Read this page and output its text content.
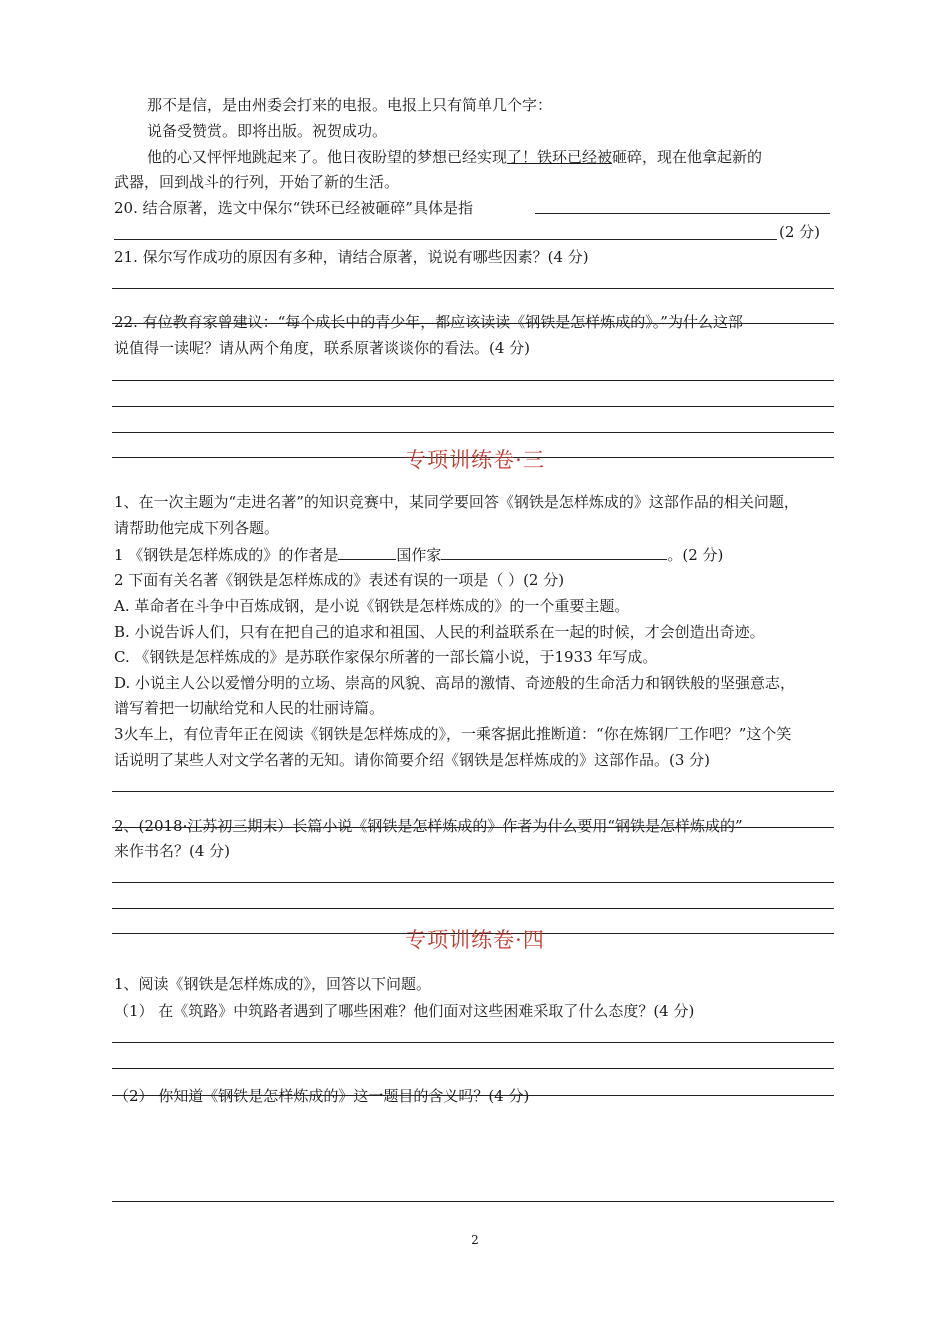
那不是信，是由州委会打来的电报。电报上只有简单几个字：
说备受赞赏。即将出版。祝贺成功。
他的心又怦怦地跳起来了。他日夜盼望的梦想已经实现了！铁环已经被砸碎，现在他拿起新的
武器，回到战斗的行列，开始了新的生活。
20. 结合原著，选文中保尔“铁环已经被砸碎”具体是指
(2 分)
21. 保尔写作成功的原因有多种，请结合原著，说说有哪些因素？(4 分)
22. 有位教育家曾建议：“每个成长中的青少年，都应该读读《钢铁是怎样炼成的》。”为什么这部
说值得一读呢？请从两个角度，联系原著谈谈你的看法。(4 分)
专项训练卷·三
1、在一次主题为“走进名著”的知识竞赛中，某同学要回答《钢铁是怎样炼成的》这部作品的相关问题，
请帮助他完成下列各题。
1 《钢铁是怎样炼成的》的作者是	国作家	。(2 分)
2 下面有关名著《钢铁是怎样炼成的》表述有误的一项是（ ）(2 分)
A. 革命者在斗争中百炼成钢，是小说《钢铁是怎样炼成的》的一个重要主题。
B. 小说告诉人们，只有在把自己的追求和祖国、人民的利益联系在一起的时候，才会创造出奇迹。
C. 《钢铁是怎样炼成的》是苏联作家保尔所著的一部长篇小说，于1933 年写成。
D. 小说主人公以爱憎分明的立场、崇高的风貌、高昂的激情、奇迹般的生命活力和钢铁般的坚强意志，
谱写着把一切献给党和人民的壮丽诗篇。
3火车上，有位青年正在阅读《钢铁是怎样炼成的》，一乘客据此推断道：“你在炼钢厂工作吧？”这个笑
话说明了某些人对文学名著的无知。请你简要介绍《钢铁是怎样炼成的》这部作品。(3 分)
2、(2018·江苏初三期末）长篇小说《钢铁是怎样炼成的》作者为什么要用“钢铁是怎样炼成的”
来作书名？(4 分)
专项训练卷·四
1、阅读《钢铁是怎样炼成的》，回答以下问题。
（1） 在《筑路》中筑路者遇到了哪些困难？他们面对这些困难采取了什么态度？(4 分)
（2） 你知道《钢铁是怎样炼成的》这一题目的含义吗？(4 分)
2
